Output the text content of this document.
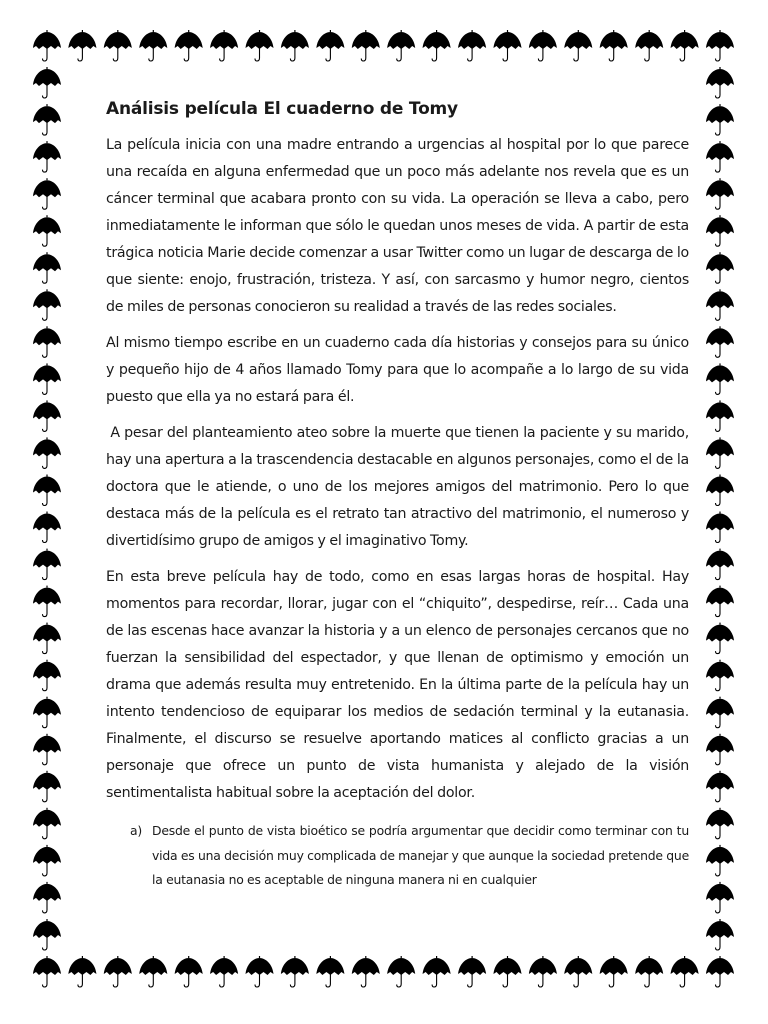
Análisis película El cuaderno de Tomy

La película inicia con una madre entrando a urgencias al hospital por lo que parece una recaída en alguna enfermedad que un poco más adelante nos revela que es un cáncer terminal que acabara pronto con su vida. La operación se lleva a cabo, pero inmediatamente le informan que sólo le quedan unos meses de vida. A partir de esta trágica noticia Marie decide comenzar a usar Twitter como un lugar de descarga de lo que siente: enojo, frustración, tristeza. Y así, con sarcasmo y humor negro, cientos de miles de personas conocieron su realidad a través de las redes sociales.

Al mismo tiempo escribe en un cuaderno cada día historias y consejos para su único y pequeño hijo de 4 años llamado Tomy para que lo acompañe a lo largo de su vida puesto que ella ya no estará para él.

A pesar del planteamiento ateo sobre la muerte que tienen la paciente y su marido, hay una apertura a la trascendencia destacable en algunos personajes, como el de la doctora que le atiende, o uno de los mejores amigos del matrimonio. Pero lo que destaca más de la película es el retrato tan atractivo del matrimonio, el numeroso y divertidísimo grupo de amigos y el imaginativo Tomy.

En esta breve película hay de todo, como en esas largas horas de hospital. Hay momentos para recordar, llorar, jugar con el “chiquito”, despedirse, reír… Cada una de las escenas hace avanzar la historia y a un elenco de personajes cercanos que no fuerzan la sensibilidad del espectador, y que llenan de optimismo y emoción un drama que además resulta muy entretenido. En la última parte de la película hay un intento tendencioso de equiparar los medios de sedación terminal y la eutanasia. Finalmente, el discurso se resuelve aportando matices al conflicto gracias a un personaje que ofrece un punto de vista humanista y alejado de la visión sentimentalista habitual sobre la aceptación del dolor.

a) Desde el punto de vista bioético se podría argumentar que decidir como terminar con tu vida es una decisión muy complicada de manejar y que aunque la sociedad pretende que la eutanasia no es aceptable de ninguna manera ni en cualquier
